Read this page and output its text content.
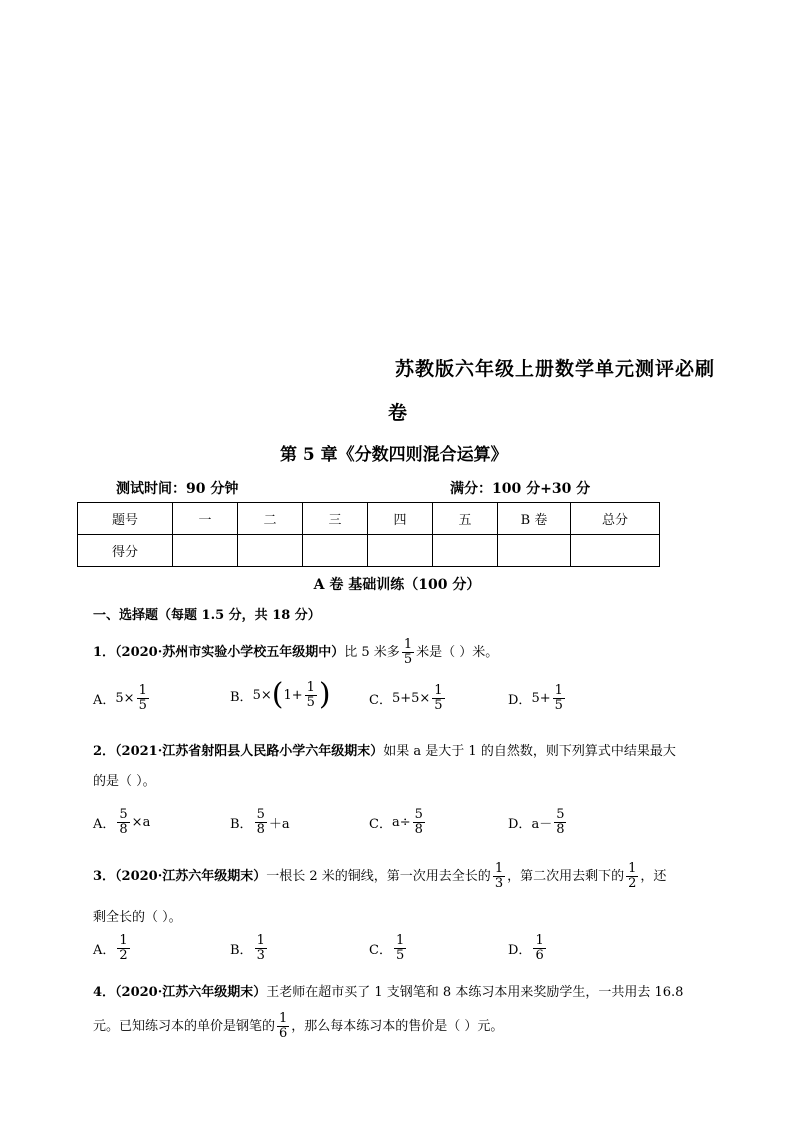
苏教版六年级上册数学单元测评必刷
卷
第 5 章《分数四则混合运算》
测试时间：90 分钟	满分：100 分+30 分
题号	一	二	三	四	五	B 卷	总分
得分							
A 卷 基础训练（100 分）
一、选择题（每题 1.5 分，共 18 分）
1．（2020·苏州市实验小学校五年级期中）比 5 米多 $\frac{1}{5}$ 米是（ ）米。
A． $5\times \frac{1}{5}$	B． 5× ( $1+ \frac{1}{5}$ )	C． $5+5\times \frac{1}{5}$	D． $5+ \frac{1}{5}$
2．（2021·江苏省射阳县人民路小学六年级期末）如果 a 是大于 1 的自然数，则下列算式中结果最大
的是（ ）。
A． $\frac{5}{8} \times a$	B． $\frac{5}{8} +a$	C． $a\div \frac{5}{8}$	D． $a- \frac{5}{8}$
3．（2020·江苏六年级期末）一根长 2 米的铜线，第一次用去全长的 $\frac{1}{3}$ ，第二次用去剩下的 $\frac{1}{2}$ ，还
剩全长的（ ）。
A． $\frac{1}{2}$	B． $\frac{1}{3}$	C． $\frac{1}{5}$	D． $\frac{1}{6}$
4．（2020·江苏六年级期末）王老师在超市买了 1 支钢笔和 8 本练习本用来奖励学生，一共用去 16.8
元。已知练习本的单价是钢笔的 $\frac{1}{6}$ ，那么每本练习本的售价是（ ）元。
